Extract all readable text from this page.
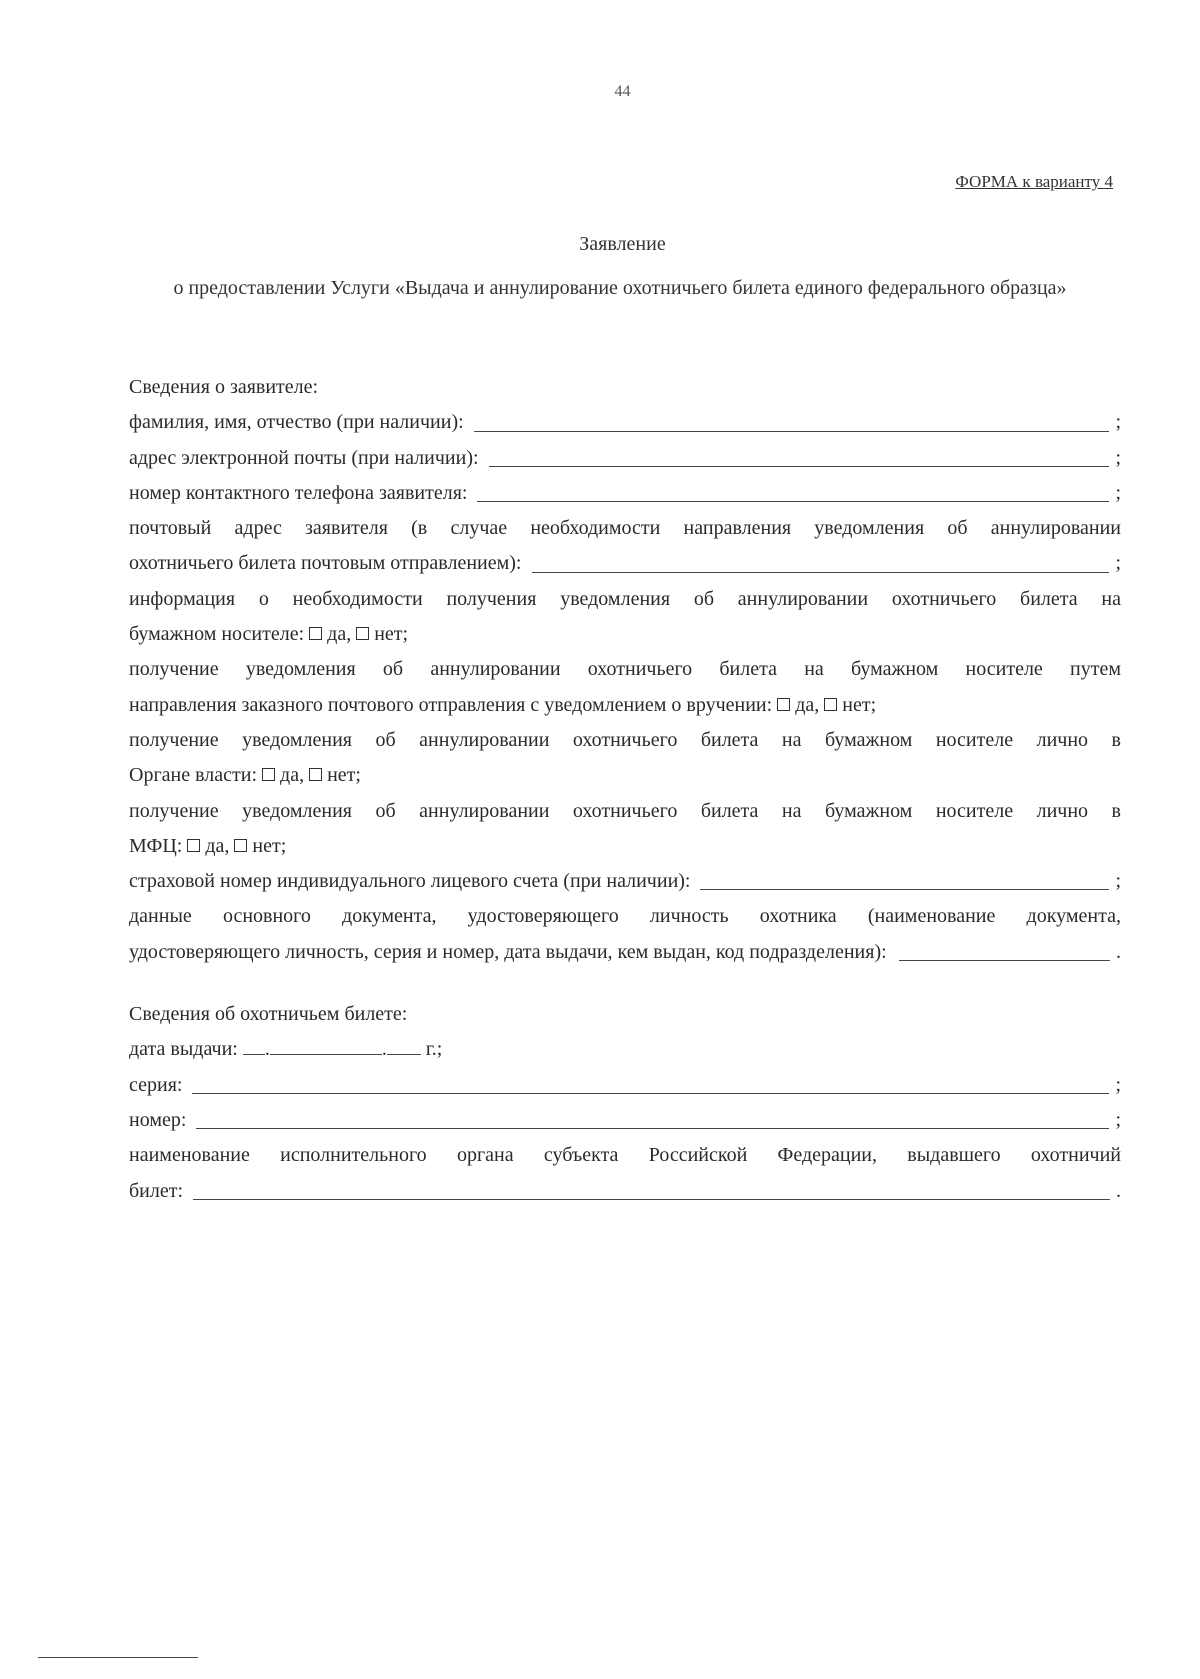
44
ФОРМА к варианту 4
Заявление
о предоставлении Услуги «Выдача и аннулирование охотничьего билета единого федерального образца»
Сведения о заявителе:
фамилия, имя, отчество (при наличии):	;
адрес электронной почты (при наличии):	;
номер контактного телефона заявителя:	;
почтовый адрес заявителя (в случае необходимости направления уведомления об аннулировании
охотничьего билета почтовым отправлением):	;
информация о необходимости получения уведомления об аннулировании охотничьего билета на
бумажном носителе:
да,
нет;
получение уведомления об аннулировании охотничьего билета на бумажном носителе путем
направления заказного почтового отправления с уведомлением о вручении:
да,
нет;
получение уведомления об аннулировании охотничьего билета на бумажном носителе лично в
Органе власти:
да,
нет;
получение уведомления об аннулировании охотничьего билета на бумажном носителе лично в
МФЦ:
да,
нет;
страховой номер индивидуального лицевого счета (при наличии):	;
данные основного документа, удостоверяющего личность охотника (наименование документа,
удостоверяющего личность, серия и номер, дата выдачи, кем выдан, код подразделения):	.
Сведения об охотничьем билете:
дата выдачи:
.	.
г.;
серия:	;
номер:	;
наименование исполнительного органа субъекта Российской Федерации, выдавшего охотничий
билет:	.
